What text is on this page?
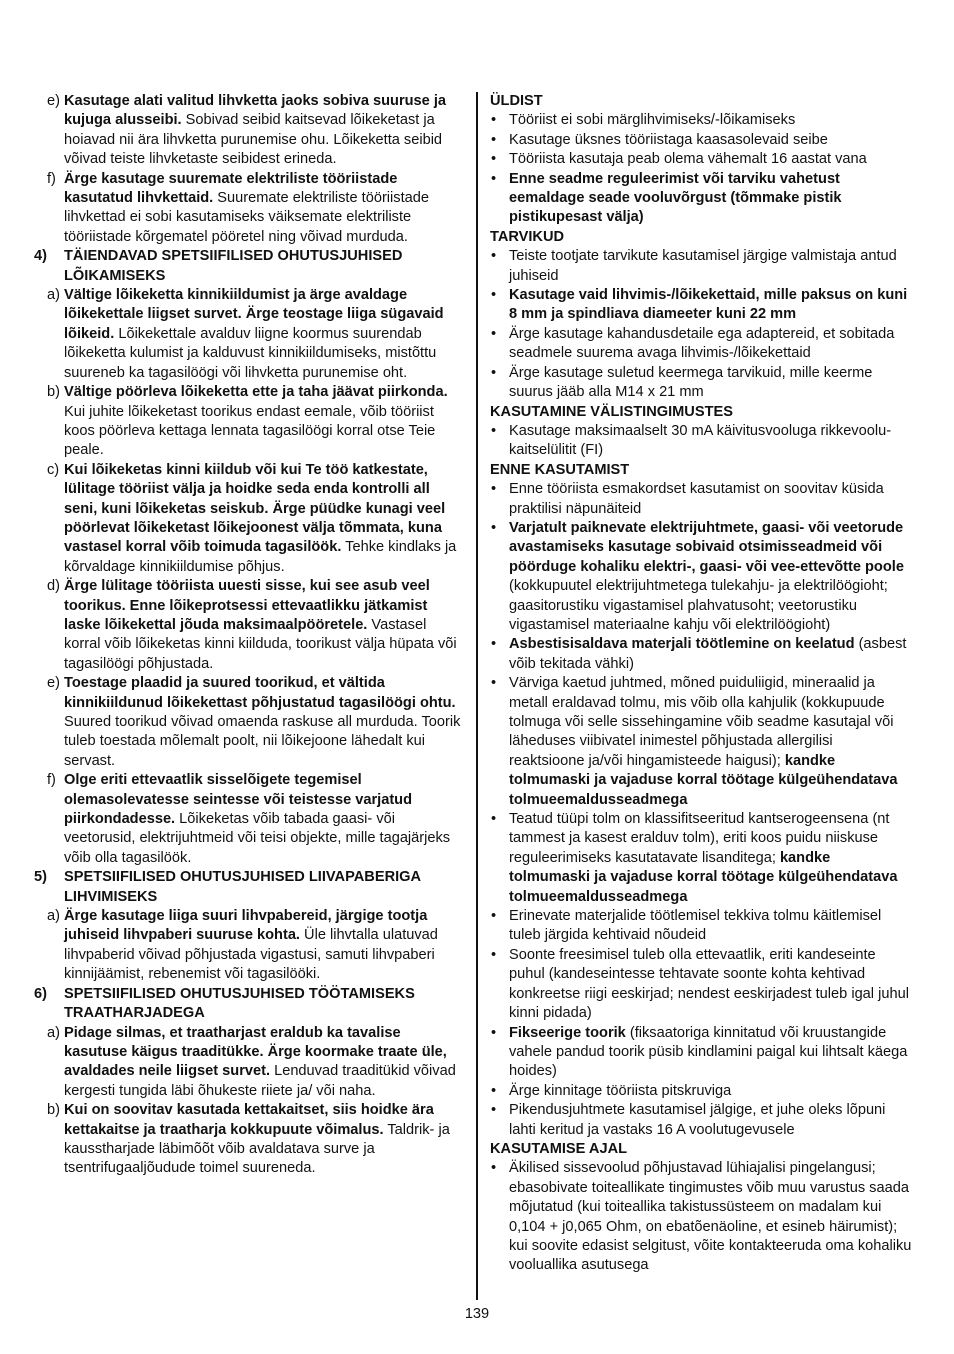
e) Kasutage alati valitud lihvketta jaoks sobiva suuruse ja kujuga alusseibi. Sobivad seibid kaitsevad lõikeketast ja hoiavad nii ära lihvketta purunemise ohu. Lõikeketta seibid võivad teiste lihvketaste seibidest erineda.
f) Ärge kasutage suuremate elektriliste tööriistade kasutatud lihvkettaid. Suuremate elektriliste tööriistade lihvkettad ei sobi kasutamiseks väiksemate elektriliste tööriistade kõrgematel pööretel ning võivad murduda.
4) TÄIENDAVAD SPETSIIFILISED OHUTUSJUHISED LÕIKAMISEKS
a) Vältige lõikeketta kinnikiildumist ja ärge avaldage lõikekettale liigset survet. Ärge teostage liiga sügavaid lõikeid. Lõikekettale avalduv liigne koormus suurendab lõikeketta kulumist ja kalduvust kinnikiildumiseks, mistõttu suureneb ka tagasilöögi või lihvketta purunemise oht.
b) Vältige pöörleva lõikeketta ette ja taha jäävat piirkonda. Kui juhite lõikeketast toorikus endast eemale, võib tööriist koos pöörleva kettaga lennata tagasilöögi korral otse Teie peale.
c) Kui lõikeketas kinni kiildub või kui Te töö katkestate, lülitage tööriist välja ja hoidke seda enda kontrolli all seni, kuni lõikeketas seiskub. Ärge püüdke kunagi veel pöörlevat lõikeketast lõikejoonest välja tõmmata, kuna vastasel korral võib toimuda tagasilöök. Tehke kindlaks ja kõrvaldage kinnikiildumise põhjus.
d) Ärge lülitage tööriista uuesti sisse, kui see asub veel toorikus. Enne lõikeprotsessi ettevaatlikku jätkamist laske lõikekettal jõuda maksimaalpööretele. Vastasel korral võib lõikeketas kinni kiilduda, toorikust välja hüpata või tagasilöögi põhjustada.
e) Toestage plaadid ja suured toorikud, et vältida kinnikiildunud lõikekettast põhjustatud tagasilöögi ohtu. Suured toorikud võivad omaenda raskuse all murduda. Toorik tuleb toestada mõlemalt poolt, nii lõikejoone lähedalt kui servast.
f) Olge eriti ettevaatlik sisselõigete tegemisel olemasolevatesse seintesse või teistesse varjatud piirkondadesse. Lõikeketas võib tabada gaasi- või veetorusid, elektrijuhtmeid või teisi objekte, mille tagajärjeks võib olla tagasilöök.
5) SPETSIIFILISED OHUTUSJUHISED LIIVAPABERIGA LIHVIMISEKS
a) Ärge kasutage liiga suuri lihvpabereid, järgige tootja juhiseid lihvpaberi suuruse kohta. Üle lihvtalla ulatuvad lihvpaberid võivad põhjustada vigastusi, samuti lihvpaberi kinnijäämist, rebenemist või tagasilööki.
6) SPETSIIFILISED OHUTUSJUHISED TÖÖTAMISEKS TRAATHARJADEGA
a) Pidage silmas, et traatharjast eraldub ka tavalise kasutuse käigus traaditükke. Ärge koormake traate üle, avaldades neile liigset survet. Lenduvad traaditükid võivad kergesti tungida läbi õhukeste riiete ja/ või naha.
b) Kui on soovitav kasutada kettakaitset, siis hoidke ära kettakaitse ja traatharja kokkupuute võimalus. Taldrik- ja kausstharjade läbimõõt võib avaldatava surve ja tsentrifugaaljõudude toimel suureneda.
ÜLDIST
• Tööriist ei sobi märglihvimiseks/-lõikamiseks
• Kasutage üksnes tööriistaga kaasasolevaid seibe
• Tööriista kasutaja peab olema vähemalt 16 aastat vana
• Enne seadme reguleerimist või tarviku vahetust eemaldage seade vooluvõrgust (tõmmake pistik pistikupesast välja)
TARVIKUD
• Teiste tootjate tarvikute kasutamisel järgige valmistaja antud juhiseid
• Kasutage vaid lihvimis-/lõikekettaid, mille paksus on kuni 8 mm ja spindliava diameeter kuni 22 mm
• Ärge kasutage kahandusdetaile ega adaptereid, et sobitada seadmele suurema avaga lihvimis-/lõikekettaid
• Ärge kasutage suletud keermega tarvikuid, mille keerme suurus jääb alla M14 x 21 mm
KASUTAMINE VÄLISTINGIMUSTES
• Kasutage maksimaalselt 30 mA käivitusvooluga rikkevoolu-kaitselülitit (FI)
ENNE KASUTAMIST
• Enne tööriista esmakordset kasutamist on soovitav küsida praktilisi näpunäiteid
• Varjatult paiknevate elektrijuhtmete, gaasi- või veetorude avastamiseks kasutage sobivaid otsimisseadmeid või pöörduge kohaliku elektri-, gaasi- või vee-ettevõtte poole (kokkupuutel elektrijuhtmetega tulekahju- ja elektrilöögioht; gaasitorustiku vigastamisel plahvatusoht; veetorustiku vigastamisel materiaalne kahju või elektrilöögioht)
• Asbestisisaldava materjali töötlemine on keelatud (asbest võib tekitada vähki)
• Värviga kaetud juhtmed, mõned puiduliigid, mineraalid ja metall eraldavad tolmu, mis võib olla kahjulik (kokkupuude tolmuga või selle sissehingamine võib seadme kasutajal või läheduses viibivatel inimestel põhjustada allergilisi reaktsioone ja/või hingamisteede haigusi); kandke tolmumaski ja vajaduse korral töötage külgeühendatava tolmueemaldusseadmega
• Teatud tüüpi tolm on klassifitseeritud kantserogeensena (nt tammest ja kasest eralduv tolm), eriti koos puidu niiskuse reguleerimiseks kasutatavate lisanditega; kandke tolmumaski ja vajaduse korral töötage külgeühendatava tolmueemaldusseadmega
• Erinevate materjalide töötlemisel tekkiva tolmu käitlemisel tuleb järgida kehtivaid nõudeid
• Soonte freesimisel tuleb olla ettevaatlik, eriti kandeseinte puhul (kandeseintesse tehtavate soonte kohta kehtivad konkreetse riigi eeskirjad; nendest eeskirjadest tuleb igal juhul kinni pidada)
• Fikseerige toorik (fiksaatoriga kinnitatud või kruustangide vahele pandud toorik püsib kindlamini paigal kui lihtsalt käega hoides)
• Ärge kinnitage tööriista pitskruviga
• Pikendusjuhtmete kasutamisel jälgige, et juhe oleks lõpuni lahti keritud ja vastaks 16 A voolutugevusele
KASUTAMISE AJAL
• Äkilised sissevoolud põhjustavad lühiajalisi pingelangusi; ebasobivate toiteallikate tingimustes võib muu varustus saada mõjutatud (kui toiteallika takistussüsteem on madalam kui 0,104 + j0,065 Ohm, on ebatõenäoline, et esineb häirumist); kui soovite edasist selgitust, võite kontakteeruda oma kohaliku vooluallika asutusega
139
